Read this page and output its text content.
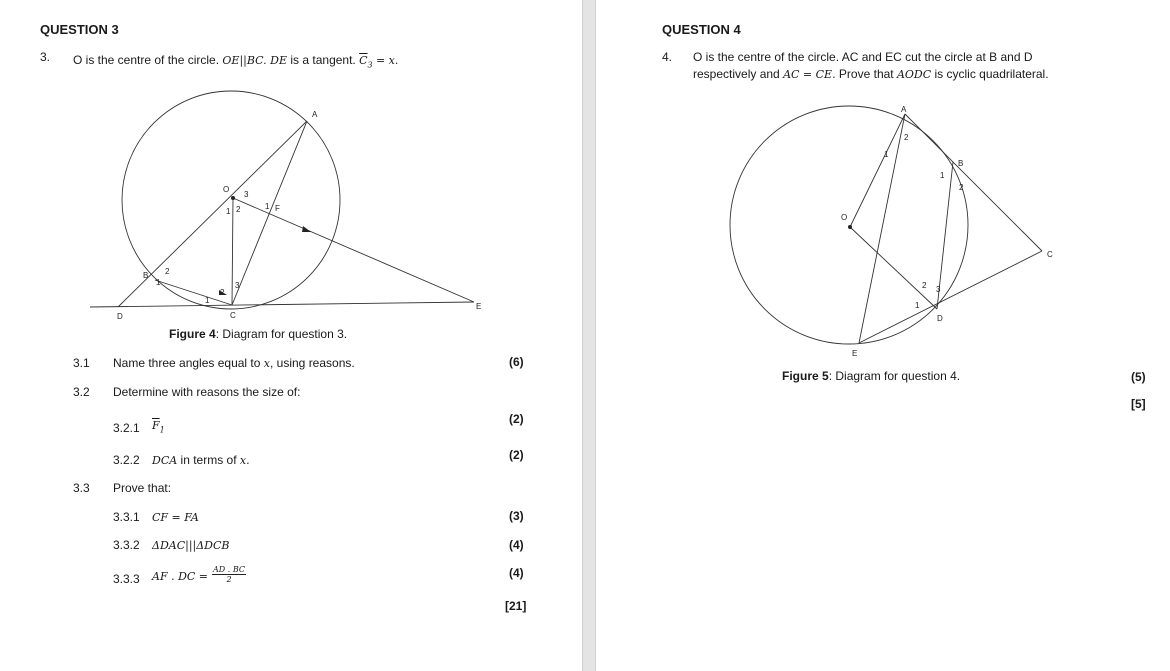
QUESTION 3
3. O is the centre of the circle. OE||BC. DE is a tangent. $\overline{C}_3 = x$.
A
O
F
B
C
D
E
1 2
3
1
1
2
1
2
3
Figure 4: Diagram for question 3.
3.1 Name three angles equal to x, using reasons.	(6)
3.2 Determine with reasons the size of:
3.2.1 $\overline{F}_1$
(2)
3.2.2 DCA in terms of x.	(2)
3.3 Prove that:
3.3.1 CF = FA	(3)
3.3.2 ΔDAC|||ΔDCB	(4)
3.3.3 AF . DC = $\frac{AD . BC}{2}$	(4)
[21]
QUESTION 4
4. O is the centre of the circle. AC and EC cut the circle at B and D
respectively and AC = CE. Prove that AODC is cyclic quadrilateral.
A
O
B
C
D
E
1
2
1
2
1
2 3
Figure 5: Diagram for question 4.	(5)
[5]
